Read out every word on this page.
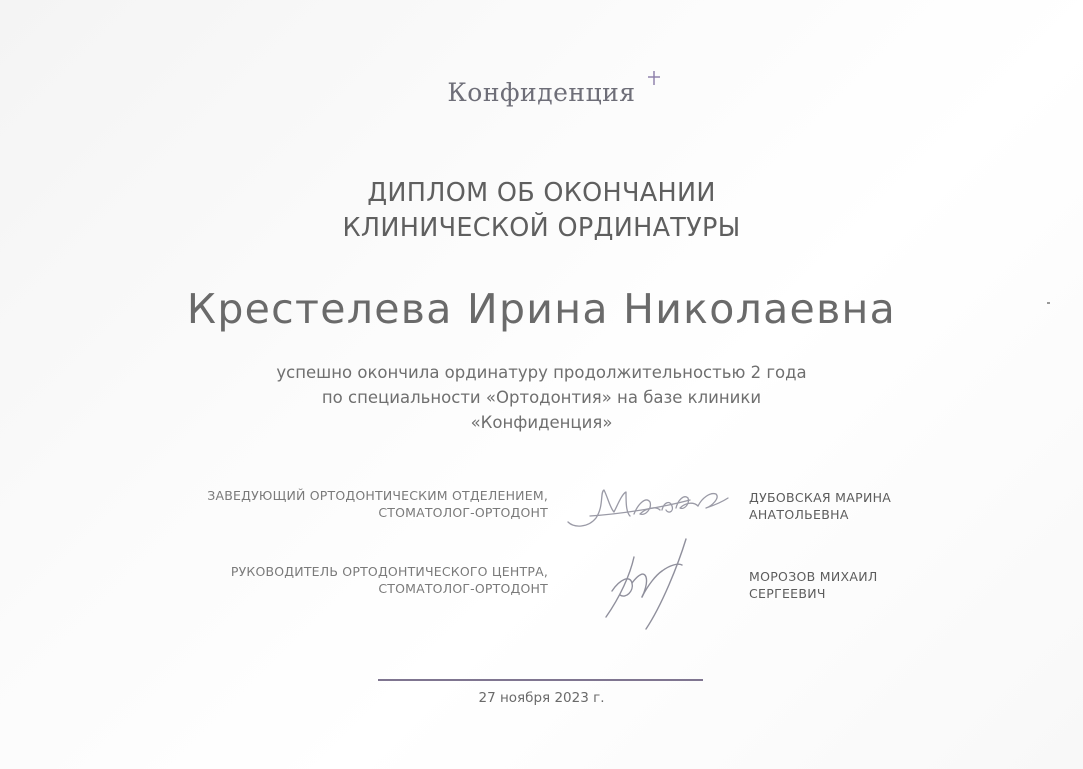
Конфиденция
ДИПЛОМ ОБ ОКОНЧАНИИ
КЛИНИЧЕСКОЙ ОРДИНАТУРЫ
Крестелева Ирина Николаевна
успешно окончила ординатуру продолжительностью 2 года
по специальности «Ортодонтия» на базе клиники
«Конфиденция»
ЗАВЕДУЮЩИЙ ОРТОДОНТИЧЕСКИМ ОТДЕЛЕНИЕМ,
СТОМАТОЛОГ-ОРТОДОНТ
ДУБОВСКАЯ МАРИНА
АНАТОЛЬЕВНА
РУКОВОДИТЕЛЬ ОРТОДОНТИЧЕСКОГО ЦЕНТРА,
СТОМАТОЛОГ-ОРТОДОНТ
МОРОЗОВ МИХАИЛ
СЕРГЕЕВИЧ
27 ноября 2023 г.
